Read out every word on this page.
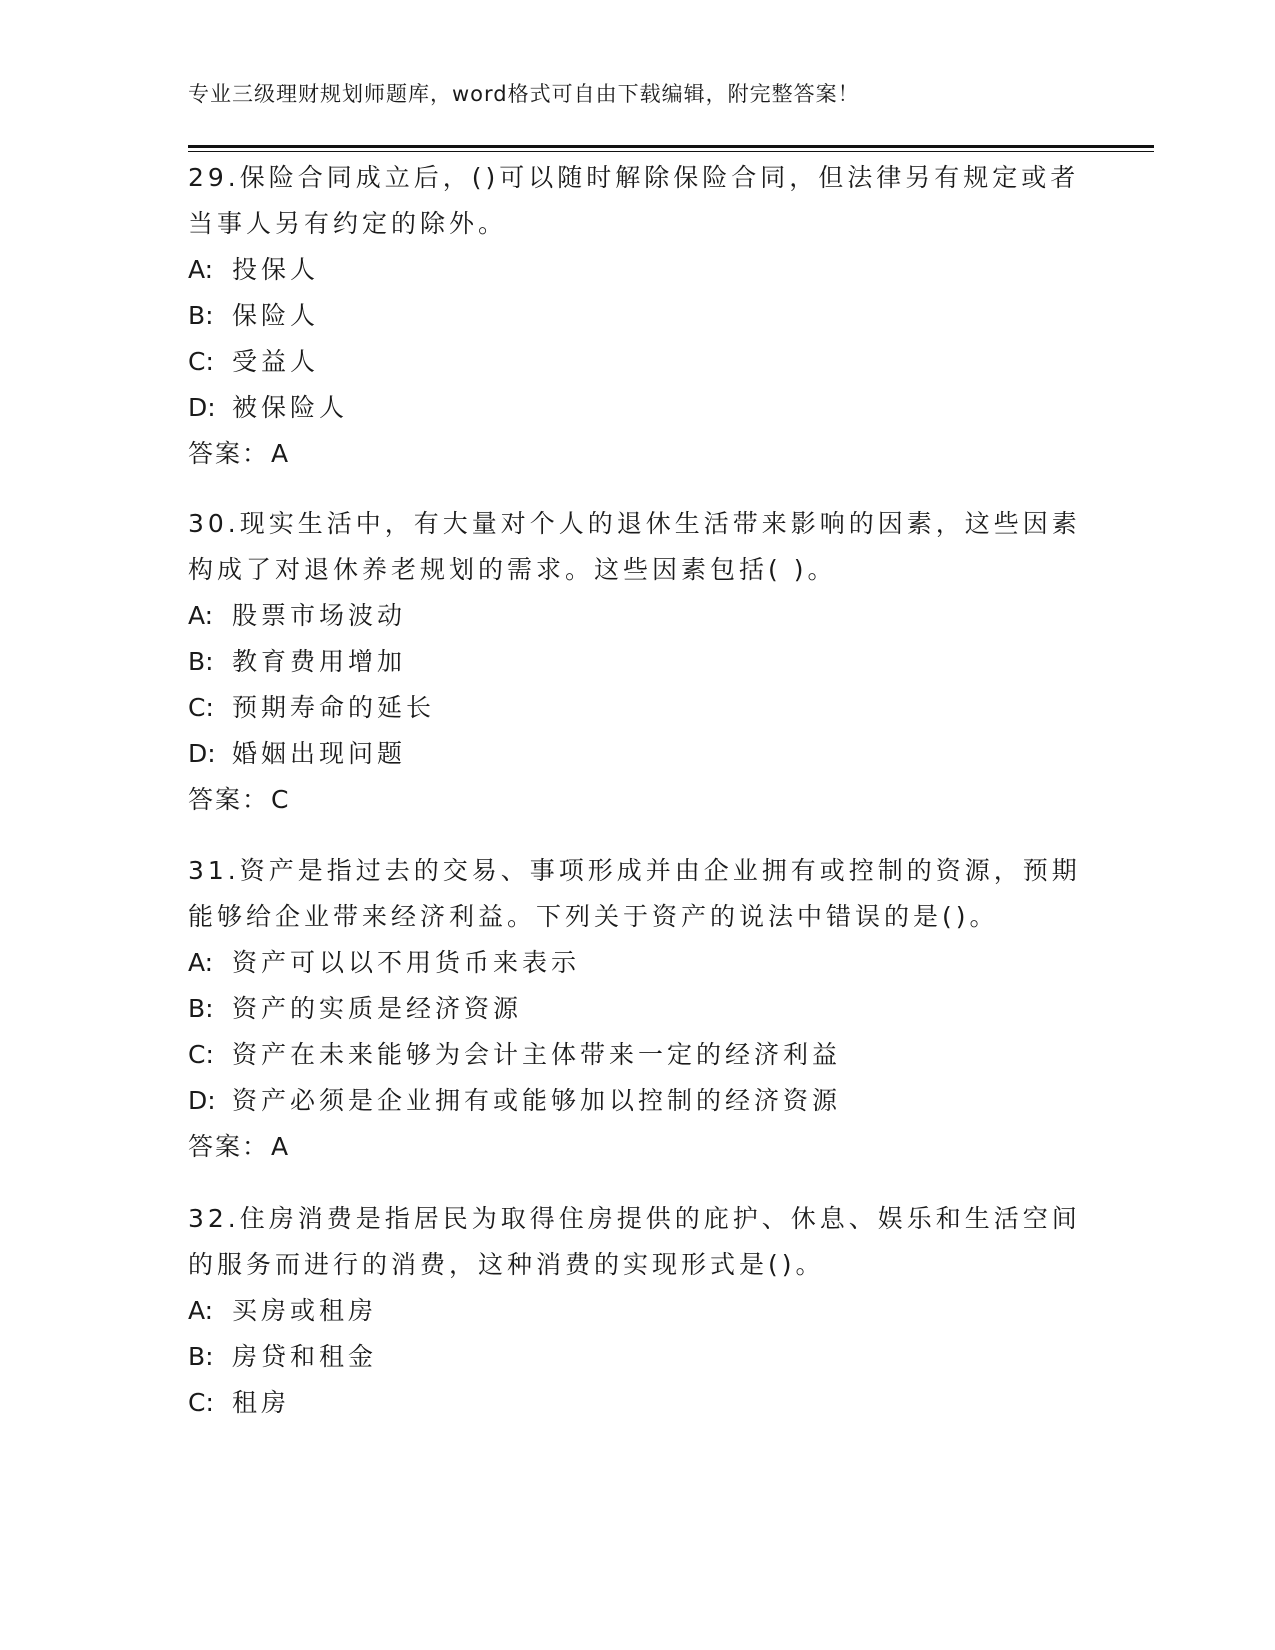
专业三级理财规划师题库，word格式可自由下载编辑，附完整答案！

29.保险合同成立后，()可以随时解除保险合同，但法律另有规定或者当事人另有约定的除外。

A: 投保人

B: 保险人

C: 受益人

D: 被保险人

答案：A

30.现实生活中，有大量对个人的退休生活带来影响的因素，这些因素构成了对退休养老规划的需求。这些因素包括( )。

A: 股票市场波动

B: 教育费用增加

C: 预期寿命的延长

D: 婚姻出现问题

答案：C

31.资产是指过去的交易、事项形成并由企业拥有或控制的资源，预期能够给企业带来经济利益。下列关于资产的说法中错误的是()。

A: 资产可以以不用货币来表示

B: 资产的实质是经济资源

C: 资产在未来能够为会计主体带来一定的经济利益

D: 资产必须是企业拥有或能够加以控制的经济资源

答案：A

32.住房消费是指居民为取得住房提供的庇护、休息、娱乐和生活空间的服务而进行的消费，这种消费的实现形式是()。

A: 买房或租房

B: 房贷和租金

C: 租房
